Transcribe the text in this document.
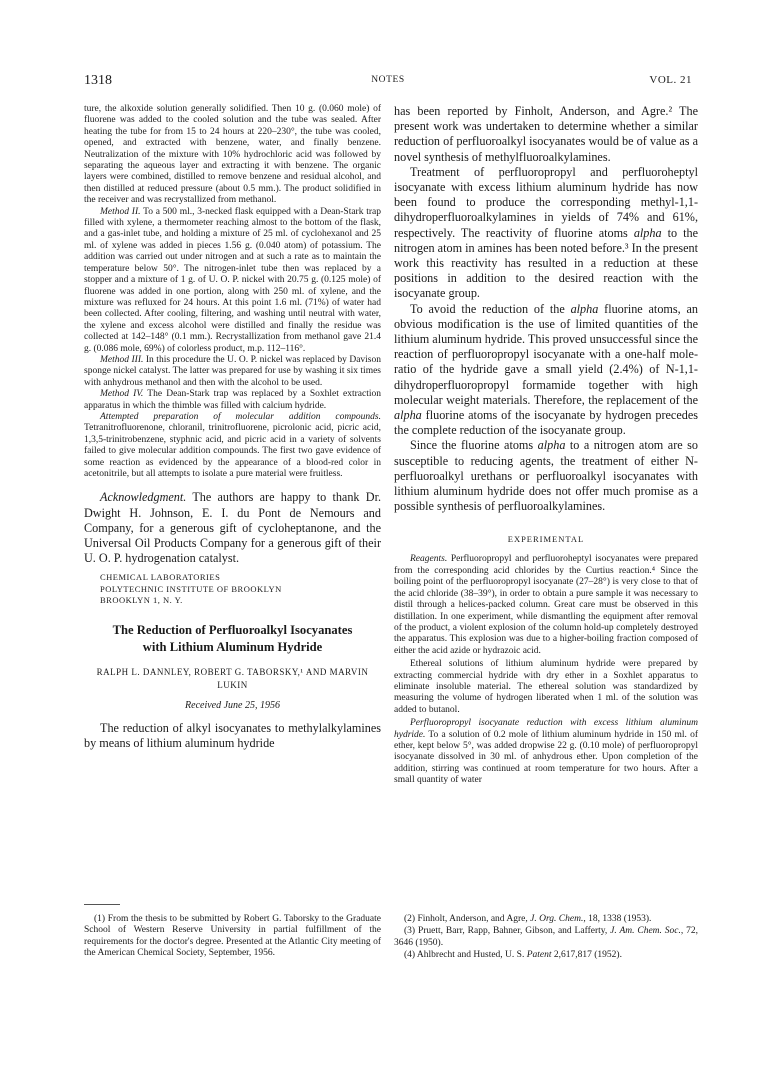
1318	NOTES	VOL. 21

ture, the alkoxide solution generally solidified. Then 10 g. (0.060 mole) of fluorene was added to the cooled solution and the tube was sealed. After heating the tube for from 15 to 24 hours at 220–230°, the tube was cooled, opened, and extracted with benzene, water, and finally benzene. Neutralization of the mixture with 10% hydrochloric acid was followed by separating the aqueous layer and extracting it with benzene. The organic layers were combined, distilled to remove benzene and residual alcohol, and then distilled at reduced pressure (about 0.5 mm.). The product solidified in the receiver and was recrystallized from methanol.

Method II. To a 500 ml., 3-necked flask equipped with a Dean-Stark trap filled with xylene, a thermometer reaching almost to the bottom of the flask, and a gas-inlet tube, and holding a mixture of 25 ml. of cyclohexanol and 25 ml. of xylene was added in pieces 1.56 g. (0.040 atom) of potassium. The addition was carried out under nitrogen and at such a rate as to maintain the temperature below 50°. The nitrogen-inlet tube then was replaced by a stopper and a mixture of 1 g. of U. O. P. nickel with 20.75 g. (0.125 mole) of fluorene was added in one portion, along with 250 ml. of xylene, and the mixture was refluxed for 24 hours. At this point 1.6 ml. (71%) of water had been collected. After cooling, filtering, and washing until neutral with water, the xylene and excess alcohol were distilled and finally the residue was collected at 142–148° (0.1 mm.). Recrystallization from methanol gave 21.4 g. (0.086 mole, 69%) of colorless product, m.p. 112–116°.

Method III. In this procedure the U. O. P. nickel was replaced by Davison sponge nickel catalyst. The latter was prepared for use by washing it six times with anhydrous methanol and then with the alcohol to be used.

Method IV. The Dean-Stark trap was replaced by a Soxhlet extraction apparatus in which the thimble was filled with calcium hydride.

Attempted preparation of molecular addition compounds. Tetranitrofluorenone, chloranil, trinitrofluorene, picrolonic acid, picric acid, 1,3,5-trinitrobenzene, styphnic acid, and picric acid in a variety of solvents failed to give molecular addition compounds. The first two gave evidence of some reaction as evidenced by the appearance of a blood-red color in acetonitrile, but all attempts to isolate a pure material were fruitless.

Acknowledgment. The authors are happy to thank Dr. Dwight H. Johnson, E. I. du Pont de Nemours and Company, for a generous gift of cycloheptanone, and the Universal Oil Products Company for a generous gift of their U. O. P. hydrogenation catalyst.

CHEMICAL LABORATORIES
POLYTECHNIC INSTITUTE OF BROOKLYN
BROOKLYN 1, N. Y.
The Reduction of Perfluoroalkyl Isocyanates
with Lithium Aluminum Hydride
RALPH L. DANNLEY, ROBERT G. TABORSKY,¹ AND MARVIN
LUKIN
Received June 25, 1956

The reduction of alkyl isocyanates to methylalkylamines by means of lithium aluminum hydride

has been reported by Finholt, Anderson, and Agre.² The present work was undertaken to determine whether a similar reduction of perfluoroalkyl isocyanates would be of value as a novel synthesis of methylfluoroalkylamines.

Treatment of perfluoropropyl and perfluoroheptyl isocyanate with excess lithium aluminum hydride has now been found to produce the corresponding methyl-1,1-dihydroperfluoroalkylamines in yields of 74% and 61%, respectively. The reactivity of fluorine atoms alpha to the nitrogen atom in amines has been noted before.³ In the present work this reactivity has resulted in a reduction at these positions in addition to the desired reaction with the isocyanate group.

To avoid the reduction of the alpha fluorine atoms, an obvious modification is the use of limited quantities of the lithium aluminum hydride. This proved unsuccessful since the reaction of perfluoropropyl isocyanate with a one-half mole-ratio of the hydride gave a small yield (2.4%) of N-1,1-dihydroperfluoropropyl formamide together with high molecular weight materials. Therefore, the replacement of the alpha fluorine atoms of the isocyanate by hydrogen precedes the complete reduction of the isocyanate group.

Since the fluorine atoms alpha to a nitrogen atom are so susceptible to reducing agents, the treatment of either N-perfluoroalkyl urethans or perfluoroalkyl isocyanates with lithium aluminum hydride does not offer much promise as a possible synthesis of perfluoroalkylamines.

EXPERIMENTAL

Reagents. Perfluoropropyl and perfluoroheptyl isocyanates were prepared from the corresponding acid chlorides by the Curtius reaction.⁴ Since the boiling point of the perfluoropropyl isocyanate (27–28°) is very close to that of the acid chloride (38–39°), in order to obtain a pure sample it was necessary to distil through a helices-packed column. Great care must be observed in this distillation. In one experiment, while dismantling the equipment after removal of the product, a violent explosion of the column hold-up completely destroyed the apparatus. This explosion was due to a higher-boiling fraction composed of either the acid azide or hydrazoic acid.

Ethereal solutions of lithium aluminum hydride were prepared by extracting commercial hydride with dry ether in a Soxhlet apparatus to eliminate insoluble material. The ethereal solution was standardized by measuring the volume of hydrogen liberated when 1 ml. of the solution was added to butanol.

Perfluoropropyl isocyanate reduction with excess lithium aluminum hydride. To a solution of 0.2 mole of lithium aluminum hydride in 150 ml. of ether, kept below 5°, was added dropwise 22 g. (0.10 mole) of perfluoropropyl isocyanate dissolved in 30 ml. of anhydrous ether. Upon completion of the addition, stirring was continued at room temperature for two hours. After a small quantity of water

(1) From the thesis to be submitted by Robert G. Taborsky to the Graduate School of Western Reserve University in partial fulfillment of the requirements for the doctor's degree. Presented at the Atlantic City meeting of the American Chemical Society, September, 1956.

(2) Finholt, Anderson, and Agre, J. Org. Chem., 18, 1338 (1953).

(3) Pruett, Barr, Rapp, Bahner, Gibson, and Lafferty, J. Am. Chem. Soc., 72, 3646 (1950).

(4) Ahlbrecht and Husted, U. S. Patent 2,617,817 (1952).
